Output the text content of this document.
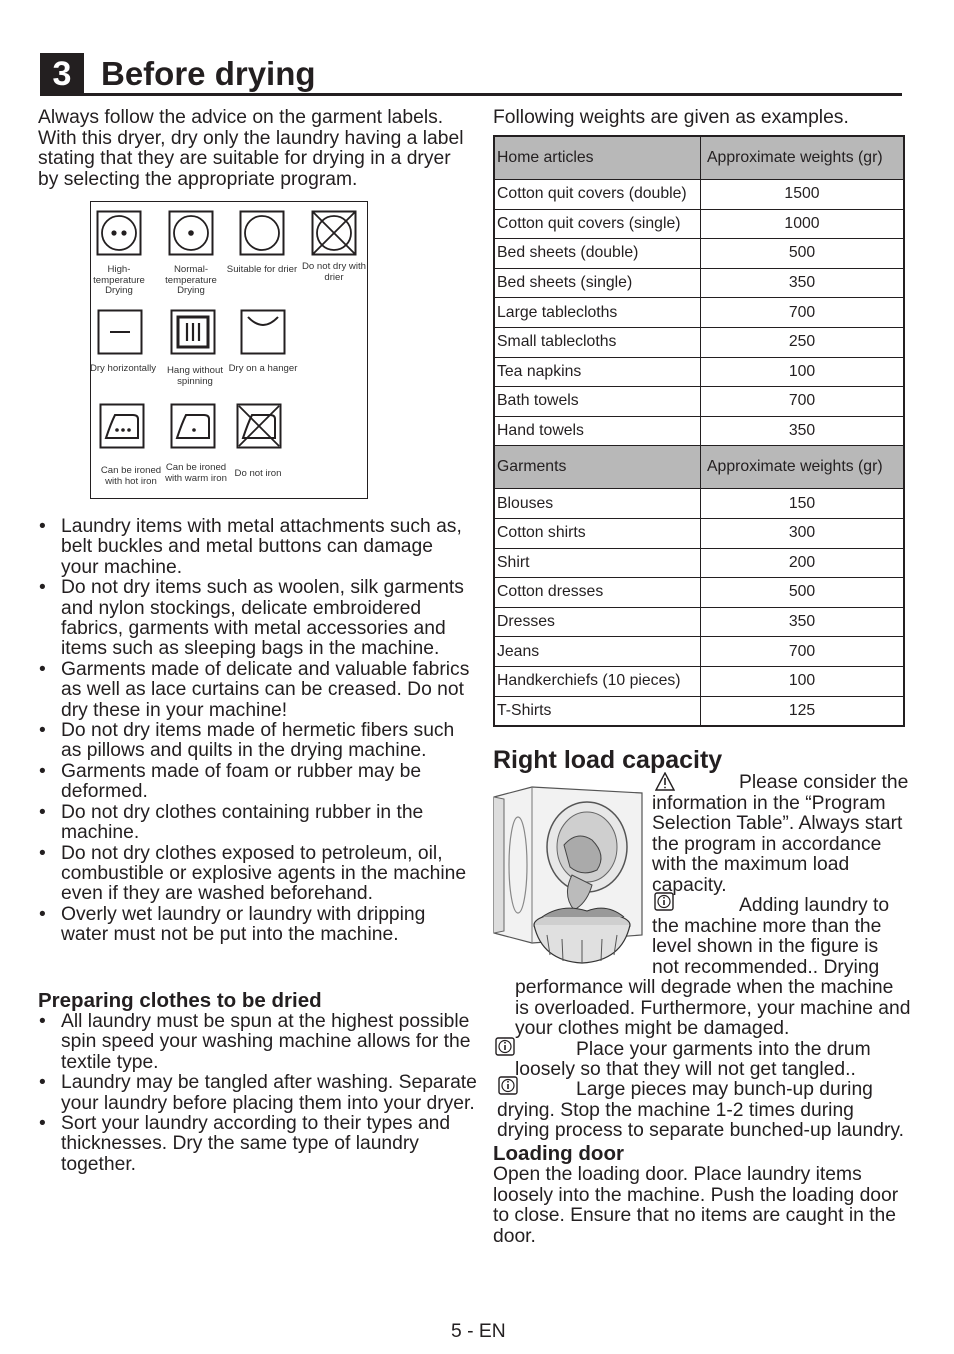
3 Before drying
Always follow the advice on the garment labels. With this dryer, dry only the laundry having a label stating that they are suitable for drying in a dryer by selecting the appropriate program.
High-temperature Drying
Normal-temperature Drying
Suitable for drier Do not dry with drier
Dry horizontally	Hang without spinning
Dry on a hanger
Can be ironed with hot iron
Can be ironed with warm iron Do not iron
• Laundry items with metal attachments such as, belt buckles and metal buttons can damage your machine.
• Do not dry items such as woolen, silk garments and nylon stockings, delicate embroidered fabrics, garments with metal accessories and items such as sleeping bags in the machine.
• Garments made of delicate and valuable fabrics as well as lace curtains can be creased. Do not dry these in your machine!
• Do not dry items made of hermetic fibers such as pillows and quilts in the drying machine.
• Garments made of foam or rubber may be deformed.
• Do not dry clothes containing rubber in the machine.
• Do not dry clothes exposed to petroleum, oil, combustible or explosive agents in the machine even if they are washed beforehand.
• Overly wet laundry or laundry with dripping water must not be put into the machine.
Preparing clothes to be dried
• All laundry must be spun at the highest possible spin speed your washing machine allows for the textile type.
• Laundry may be tangled after washing. Separate your laundry before placing them into your dryer.
• Sort your laundry according to their types and thicknesses. Dry the same type of laundry together.
Following weights are given as examples.
Home articles	Approximate weights (gr)
Cotton quit covers (double)	1500
Cotton quit covers (single)	1000
Bed sheets (double)	500
Bed sheets (single)	350
Large tablecloths	700
Small tablecloths	250
Tea napkins	100
Bath towels	700
Hand towels	350
Garments	Approximate weights (gr)
Blouses	150
Cotton shirts	300
Shirt	200
Cotton dresses	500
Dresses	350
Jeans	700
Handkerchiefs (10 pieces)	100
T-Shirts	125
Right load capacity
Please consider the
information in the “Program
Selection Table”. Always start
the program in accordance
with the maximum load
capacity.
Adding laundry to
the machine more than the
level shown in the figure is
not recommended.. Drying
performance will degrade when the machine
is overloaded. Furthermore, your machine and
your clothes might be damaged.
Place your garments into the drum
loosely so that they will not get tangled..
Large pieces may bunch-up during
drying. Stop the machine 1-2 times during
drying process to separate bunched-up laundry.
Loading door
Open the loading door. Place laundry items
loosely into the machine. Push the loading door
to close. Ensure that no items are caught in the
door.
5 - EN
